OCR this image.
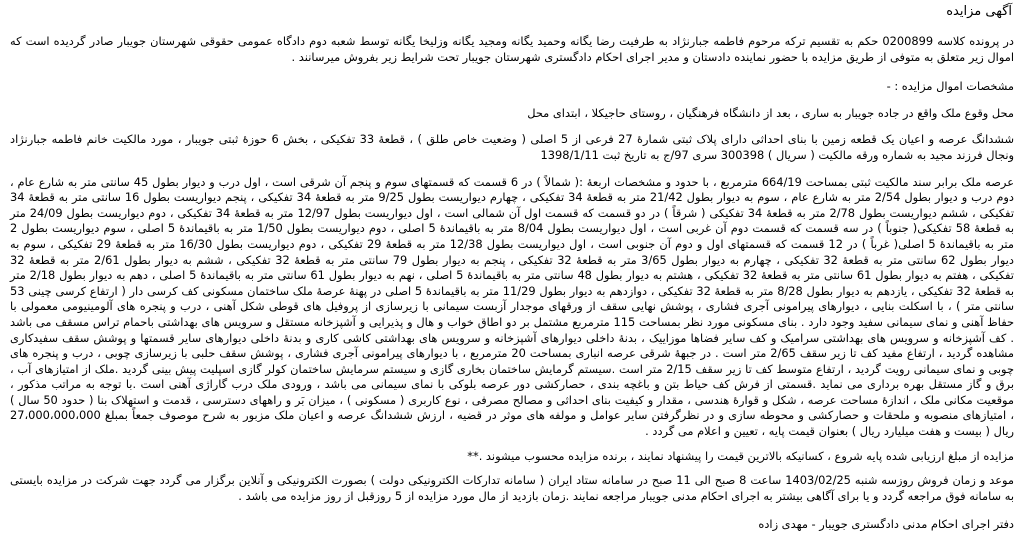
آگهی مزایده

در پرونده کلاسه 0200899 حکم به تقسیم ترکه مرحوم فاطمه جبارنژاد به طرفیت رضا یگانه وحمید یگانه ومجید یگانه وزلیخا یگانه توسط شعبه دوم دادگاه عمومی حقوقی شهرستان جویبار صادر گردیده است که اموال زیر متعلق به متوفی از طریق مزایده با حضور نماینده دادستان و مدیر اجرای احکام دادگستری شهرستان جویبار تحت شرایط زیر بفروش میرسانند .

مشخصات اموال مزایده : -

محل وقوع ملک واقع در جاده جویبار به ساری ، بعد از دانشگاه فرهنگیان ، روستای حاجیکلا ، ابتدای محل

ششدانگ عرصه و اعیان یک قطعه زمین با بنای احداثی دارای پلاک ثبتی شمارۀ 27 فرعی از 5 اصلی ( وضعیت خاص طلق ) ، قطعۀ 33 تفکیکی ، بخش 6 حوزۀ ثبتی جویبار ، مورد مالکیت خانم فاطمه جبارنژاد ونجال فرزند مجید به شماره ورقه مالکیت ( سریال ) 300398 سری 97/ج به تاریخ ثبت 1398/1/11

عرصه ملک برابر سند مالکیت ثبتی بمساحت 664/19 مترمربع ، با حدود و مشخصات اربعۀ :( شمالاً ) در 6 قسمت که قسمتهای سوم و پنجم آن شرقی است ، اول درب و دیوار بطول 45 سانتی متر به شارع عام ، دوم درب و دیوار بطول 2/54 متر به شارع عام ، سوم به دیوار بطول 21/42 متر به قطعۀ 34 تفکیکی ، چهارم دیواریست بطول 9/25 متر به قطعۀ 34 تفکیکی ، پنجم دیواریست بطول 16 سانتی متر به قطعۀ 34 تفکیکی ، ششم دیواریست بطول 2/78 متر به قطعۀ 34 تفکیکی ( شرقاً ) در دو قسمت که قسمت اول آن شمالی است ، اول دیواریست بطول 12/97 متر به قطعۀ 34 تفکیکی ، دوم دیواریست بطول 24/09 متر به قطعۀ 58 تفکیکی( جنوباً ) در سه قسمت که قسمت دوم آن غربی است ، اول دیواریست بطول 8/04 متر به باقیماندۀ 5 اصلی ، دوم دیواریست بطول 1/50 متر به باقیماندۀ 5 اصلی ، سوم دیواریست بطول 2 متر به باقیماندۀ 5 اصلی( غرباً ) در 12 قسمت که قسمتهای اول و دوم آن جنوبی است ، اول دیواریست بطول 12/38 متر به قطعۀ 29 تفکیکی ، دوم دیواریست بطول 16/30 متر به قطعۀ 29 تفکیکی ، سوم به دیوار بطول 62 سانتی متر به قطعۀ 32 تفکیکی ، چهارم به دیوار بطول 3/65 متر به قطعۀ 32 تفکیکی ، پنجم به دیوار بطول 79 سانتی متر به قطعۀ 32 تفکیکی ، ششم به دیوار بطول 2/61 متر به قطعۀ 32 تفکیکی ، هفتم به دیوار بطول 61 سانتی متر به قطعۀ 32 تفکیکی ، هشتم به دیوار بطول 48 سانتی متر به باقیماندۀ 5 اصلی ، نهم به دیوار بطول 61 سانتی متر به باقیماندۀ 5 اصلی ، دهم به دیوار بطول 2/18 متر به قطعۀ 32 تفکیکی ، یازدهم به دیوار بطول 8/28 متر به قطعۀ 32 تفکیکی ، دوازدهم به دیوار بطول 11/29 متر به باقیماندۀ 5 اصلی در پهنۀ عرصۀ ملک ساختمان مسکونی کف کرسی دار ( ارتفاع کرسی چینی 53 سانتی متر ) ، با اسکلت بنایی ، دیوارهای پیرامونی آجری فشاری ، پوشش نهایی سقف از ورقهای موجدار آزبست سیمانی با زیرسازی از پروفیل های قوطی شکل آهنی ، درب و پنجره های آلومینیومی معمولی با حفاظ آهنی و نمای سیمانی سفید وجود دارد . بنای مسکونی مورد نظر بمساحت 115 مترمربع مشتمل بر دو اطاق خواب و هال و پذیرایی و آشپزخانه مستقل و سرویس های بهداشتی باحمام تراس مسقف می باشد . کف آشپزخانه و سرویس های بهداشتی سرامیک و کف سایر فضاها موزاییک ، بدنۀ داخلی دیوارهای آشپزخانه و سرویس های بهداشتی کاشی کاری و بدنۀ داخلی دیوارهای سایر قسمتها و پوشش سقف سفیدکاری مشاهده گردید ، ارتفاع مفید کف تا زیر سقف 2/65 متر است . در جبهۀ شرقی عرصه انباری بمساحت 20 مترمربع ، با دیوارهای پیرامونی آجری فشاری ، پوشش سقف حلبی با زیرسازی چوبی ، درب و پنجره های چوبی و نمای سیمانی رویت گردید ، ارتفاع متوسط کف تا زیر سقف 2/15 متر است .سیستم گرمایش ساختمان بخاری گازی و سیستم سرمایش ساختمان کولر گازی اسپلیت پیش بینی گردید .ملک از امتیازهای آب ، برق و گاز مستقل بهره برداری می نماید .قسمتی از فرش کف حیاط بتن و باغچه بندی ، حصارکشی دور عرصه بلوکی با نمای سیمانی می باشد ، ورودی ملک درب گاراژی آهنی است .با توجه به مراتب مذکور ، موقعیت مکانی ملک ، اندازۀ مساحت عرصه ، شکل و قوارۀ هندسی ، مقدار و کیفیت بنای احداثی و مصالح مصرفی ، نوع کاربری ( مسکونی ) ، میزان بَر و راههای دسترسی ، قدمت و استهلاک بنا ( حدود 50 سال ) ، امتیازهای منصوبه و ملحقات و حصارکشی و محوطه سازی و در نظرگرفتن سایر عوامل و مولفه های موثر در قضیه ، ارزش ششدانگ عرصه و اعیان ملک مزبور به شرح موصوف جمعاً بمبلغ 27،000،000،000 ریال ( بیست و هفت میلیارد ریال ) بعنوان قیمت پایه ، تعیین و اعلام می گردد .

مزایده از مبلغ ارزیابی شده پایه شروع ، کسانیکه بالاترین قیمت را پیشنهاد نمایند ، برنده مزایده محسوب میشوند .**

موعد و زمان فروش روزسه شنبه 1403/02/25 ساعت 8 صبح الی 11 صبح در سامانه ستاد ایران ( سامانه تدارکات الکترونیکی دولت ) بصورت الکترونیکی و آنلاین برگزار می گردد جهت شرکت در مزایده بایستی به سامانه فوق مراجعه گردد و یا برای آگاهی بیشتر به اجرای احکام مدنی جویبار مراجعه نمایند .زمان بازدید از مال مورد مزایده از 5 روزقبل از روز مزایده می باشد .

دفتر اجرای احکام مدنی دادگستری جویبار - مهدی زاده
